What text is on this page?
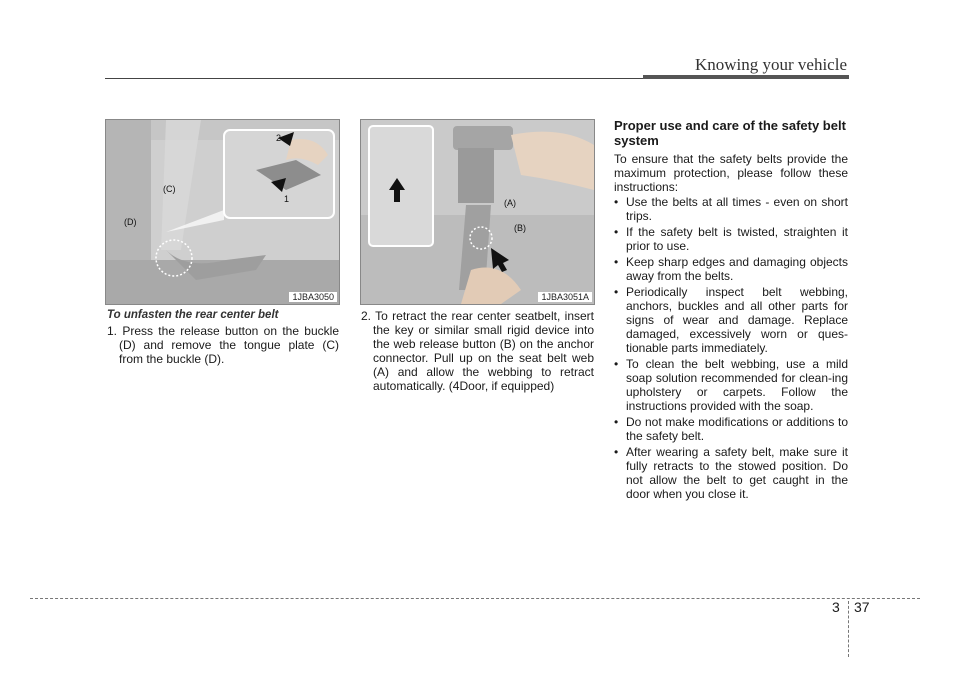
Knowing your vehicle
(C)
(D)
2
1
1JBA3050
To unfasten the rear center belt

1. Press the release button on the buckle (D) and remove the tongue plate (C) from the buckle (D).

(A)
(B)
1JBA3051A

2. To retract the rear center seatbelt, insert the key or similar small rigid device into the web release button (B) on the anchor connector. Pull up on the seat belt web (A) and allow the webbing to retract automatically. (4Door, if equipped)

Proper use and care of the safety belt system

To ensure that the safety belts provide the maximum protection, please follow these instructions:

• Use the belts at all times - even on short trips.
• If the safety belt is twisted, straighten it prior to use.
• Keep sharp edges and damaging objects away from the belts.
• Periodically inspect belt webbing, anchors, buckles and all other parts for signs of wear and damage. Replace damaged, excessively worn or ques-tionable parts immediately.
• To clean the belt webbing, use a mild soap solution recommended for clean-ing upholstery or carpets. Follow the instructions provided with the soap.
• Do not make modifications or additions to the safety belt.
• After wearing a safety belt, make sure it fully retracts to the stowed position. Do not allow the belt to get caught in the door when you close it.
3 37
